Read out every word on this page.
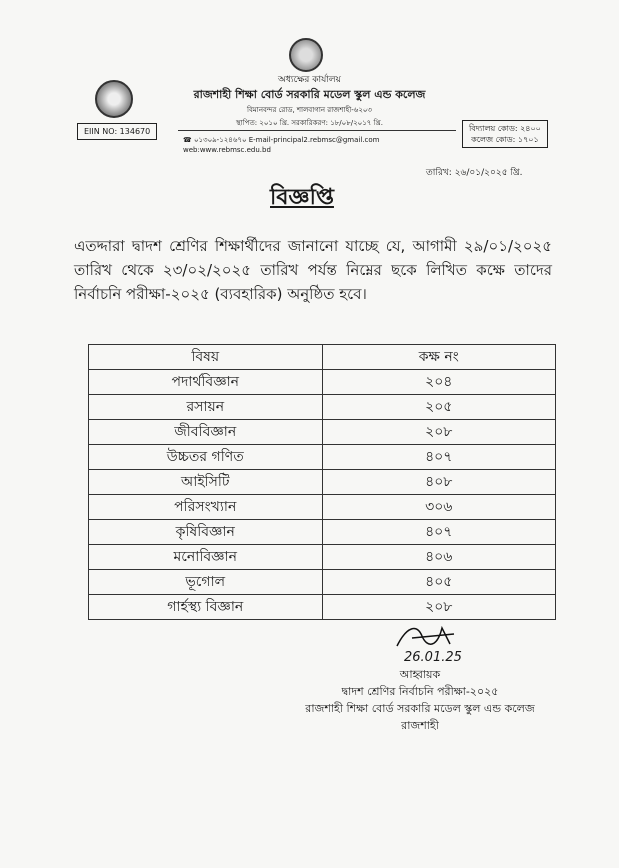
অধ্যক্ষের কার্যালয়
রাজশাহী শিক্ষা বোর্ড সরকারি মডেল স্কুল এন্ড কলেজ
বিমানবন্দর রোড, শালবাগান রাজশাহী-৬২০৩
স্থাপিত: ২০১০ খ্রি. সরকারিকরণ: ১৮/০৮/২০১৭ খ্রি.
EIIN NO: 134670	বিদ্যালয় কোড: ২৪০০
কলেজ কোড: ১৭০১
☎ ০১৩০৯-১২৪৬৭০ E-mail-principal2.rebmsc@gmail.com web:www.rebmsc.edu.bd
তারিখ: ২৬/০১/২০২৫ খ্রি.
বিজ্ঞপ্তি
এতদ্দারা দ্বাদশ শ্রেণির শিক্ষার্থীদের জানানো যাচ্ছে যে, আগামী ২৯/০১/২০২৫ তারিখ থেকে ২৩/০২/২০২৫ তারিখ পর্যন্ত নিম্নের ছকে লিখিত কক্ষে তাদের নির্বাচনি পরীক্ষা-২০২৫ (ব্যবহারিক) অনুষ্ঠিত হবে।
বিষয়	কক্ষ নং
পদার্থবিজ্ঞান	২০৪
রসায়ন	২০৫
জীববিজ্ঞান	২০৮
উচ্চতর গণিত	৪০৭
আইসিটি	৪০৮
পরিসংখ্যান	৩০৬
কৃষিবিজ্ঞান	৪০৭
মনোবিজ্ঞান	৪০৬
ভূগোল	৪০৫
গার্হস্থ্য বিজ্ঞান	২০৮
26.01.25
আহ্বায়ক
দ্বাদশ শ্রেণির নির্বাচনি পরীক্ষা-২০২৫
রাজশাহী শিক্ষা বোর্ড সরকারি মডেল স্কুল এন্ড কলেজ
রাজশাহী
